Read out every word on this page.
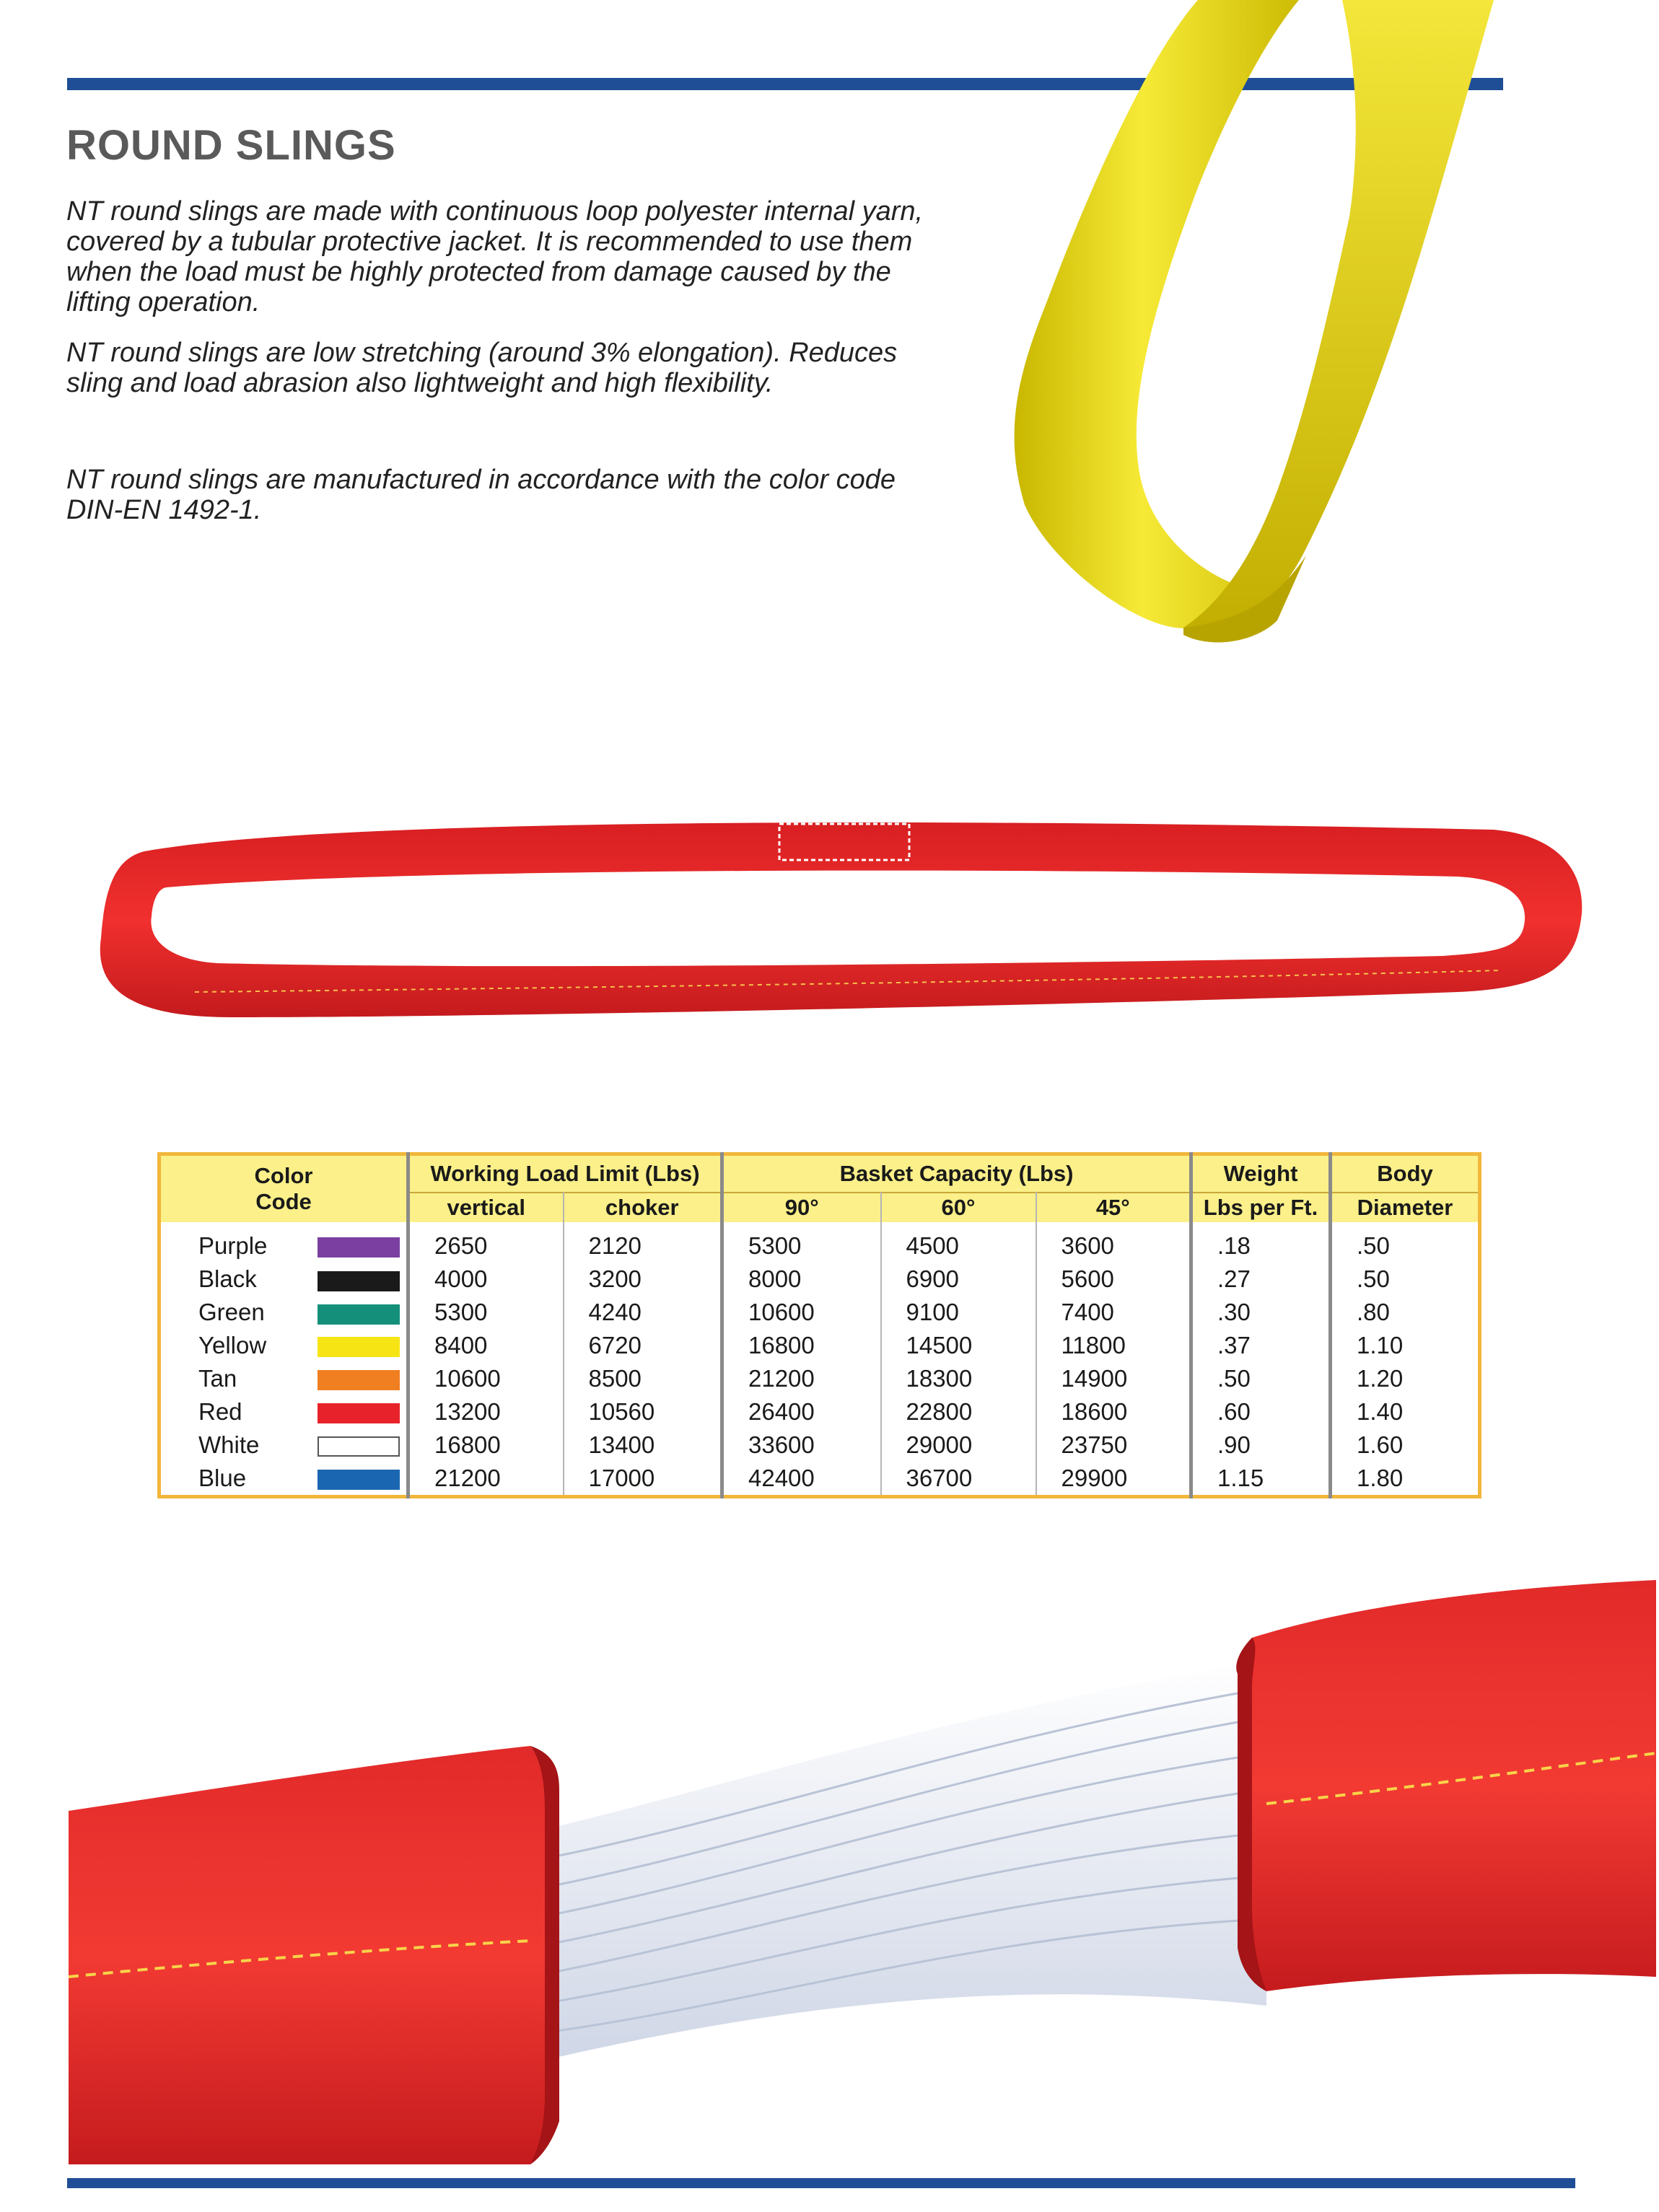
ROUND SLINGS

NT round slings are made with continuous loop polyester internal yarn, covered by a tubular protective jacket. It is recommended to use them when the load must be highly protected from damage caused by the lifting operation.

NT round slings are low stretching (around 3% elongation). Reduces sling and load abrasion also lightweight and high flexibility.

NT round slings are manufactured in accordance with the color code DIN-EN 1492-1.

Color
Code		Working Load Limit (Lbs)		Basket Capacity (Lbs)			Weight	Body
		vertical	choker	90°	60°	45°	Lbs per Ft.	Diameter
Purple		2650	2120	5300	4500	3600	.18	.50
Black		4000	3200	8000	6900	5600	.27	.50
Green		5300	4240	10600	9100	7400	.30	.80
Yellow		8400	6720	16800	14500	11800	.37	1.10
Tan		10600	8500	21200	18300	14900	.50	1.20
Red		13200	10560	26400	22800	18600	.60	1.40
White		16800	13400	33600	29000	23750	.90	1.60
Blue		21200	17000	42400	36700	29900	1.15	1.80
